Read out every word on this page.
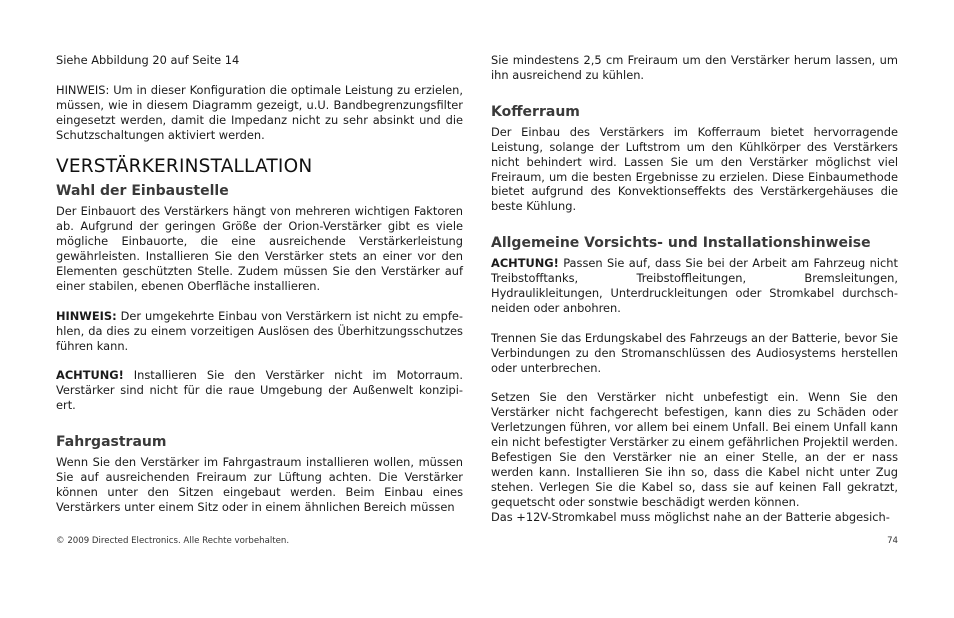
Siehe Abbildung 20 auf Seite 14

HINWEIS: Um in dieser Konfiguration die optimale Leistung zu erzielen, müssen, wie in diesem Diagramm gezeigt, u.U. Bandbegrenzungsfilter eingesetzt werden, damit die Impedanz nicht zu sehr absinkt und die Schutzschaltungen aktiviert werden.

VERSTÄRKERINSTALLATION
Wahl der Einbaustelle

Der Einbauort des Verstärkers hängt von mehreren wichtigen Faktoren ab. Aufgrund der geringen Größe der Orion-Verstärker gibt es viele mögliche Einbauorte, die eine ausreichende Verstärkerleistung gewährleisten. Installieren Sie den Verstärker stets an einer vor den Elementen geschützten Stelle. Zudem müssen Sie den Verstärker auf einer stabilen, ebenen Oberfläche installieren.

HINWEIS: Der umgekehrte Einbau von Verstärkern ist nicht zu empfe-hlen, da dies zu einem vorzeitigen Auslösen des Überhitzungsschutzes führen kann.

ACHTUNG! Installieren Sie den Verstärker nicht im Motorraum. Verstärker sind nicht für die raue Umgebung der Außenwelt konzipi-ert.

Fahrgastraum

Wenn Sie den Verstärker im Fahrgastraum installieren wollen, müssen Sie auf ausreichenden Freiraum zur Lüftung achten. Die Verstärker können unter den Sitzen eingebaut werden. Beim Einbau eines Verstärkers unter einem Sitz oder in einem ähnlichen Bereich müssen

Sie mindestens 2,5 cm Freiraum um den Verstärker herum lassen, um ihn ausreichend zu kühlen.

Kofferraum

Der Einbau des Verstärkers im Kofferraum bietet hervorragende Leistung, solange der Luftstrom um den Kühlkörper des Verstärkers nicht behindert wird. Lassen Sie um den Verstärker möglichst viel Freiraum, um die besten Ergebnisse zu erzielen. Diese Einbaumethode bietet aufgrund des Konvektionseffekts des Verstärkergehäuses die beste Kühlung.

Allgemeine Vorsichts- und Installationshinweise

ACHTUNG! Passen Sie auf, dass Sie bei der Arbeit am Fahrzeug nicht Treibstofftanks, Treibstoffleitungen, Bremsleitungen, Hydraulikleitungen, Unterdruckleitungen oder Stromkabel durchsch-neiden oder anbohren.

Trennen Sie das Erdungskabel des Fahrzeugs an der Batterie, bevor Sie Verbindungen zu den Stromanschlüssen des Audiosystems herstellen oder unterbrechen.

Setzen Sie den Verstärker nicht unbefestigt ein. Wenn Sie den Verstärker nicht fachgerecht befestigen, kann dies zu Schäden oder Verletzungen führen, vor allem bei einem Unfall. Bei einem Unfall kann ein nicht befestigter Verstärker zu einem gefährlichen Projektil werden. Befestigen Sie den Verstärker nie an einer Stelle, an der er nass werden kann. Installieren Sie ihn so, dass die Kabel nicht unter Zug stehen. Verlegen Sie die Kabel so, dass sie auf keinen Fall gekratzt, gequetscht oder sonstwie beschädigt werden können.

Das +12V-Stromkabel muss möglichst nahe an der Batterie abgesich-

© 2009 Directed Electronics. Alle Rechte vorbehalten.	74
